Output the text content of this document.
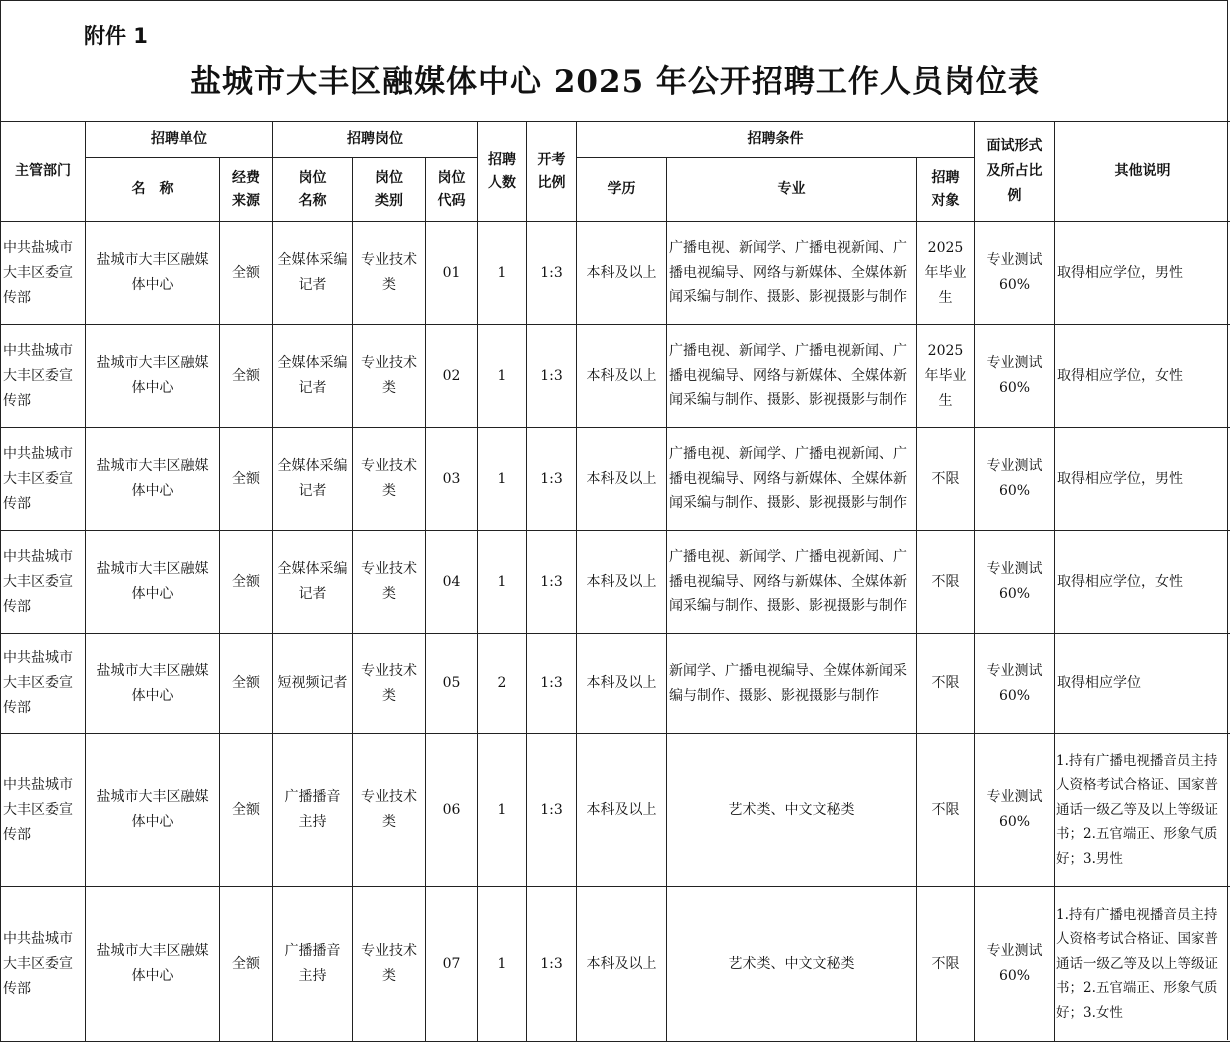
附件 1
盐城市大丰区融媒体中心 2025 年公开招聘工作人员岗位表
主管部门	招聘单位		招聘岗位			招聘人数	开考比例	招聘条件			面试形式及所占比例	其他说明
	名　称	经费来源	岗位名称	岗位类别	岗位代码			学历	专业	招聘对象		

中共盐城市大丰区委宣传部	盐城市大丰区融媒体中心	全额	全媒体采编记者	专业技术类	01	1	1:3	本科及以上	广播电视、新闻学、广播电视新闻、广播电视编导、网络与新媒体、全媒体新闻采编与制作、摄影、影视摄影与制作	2025 年毕业生	专业测试 60%	取得相应学位，男性
中共盐城市大丰区委宣传部	盐城市大丰区融媒体中心	全额	全媒体采编记者	专业技术类	02	1	1:3	本科及以上	广播电视、新闻学、广播电视新闻、广播电视编导、网络与新媒体、全媒体新闻采编与制作、摄影、影视摄影与制作	2025 年毕业生	专业测试 60%	取得相应学位，女性
中共盐城市大丰区委宣传部	盐城市大丰区融媒体中心	全额	全媒体采编记者	专业技术类	03	1	1:3	本科及以上	广播电视、新闻学、广播电视新闻、广播电视编导、网络与新媒体、全媒体新闻采编与制作、摄影、影视摄影与制作	不限	专业测试 60%	取得相应学位，男性
中共盐城市大丰区委宣传部	盐城市大丰区融媒体中心	全额	全媒体采编记者	专业技术类	04	1	1:3	本科及以上	广播电视、新闻学、广播电视新闻、广播电视编导、网络与新媒体、全媒体新闻采编与制作、摄影、影视摄影与制作	不限	专业测试 60%	取得相应学位，女性
中共盐城市大丰区委宣传部	盐城市大丰区融媒体中心	全额	短视频记者	专业技术类	05	2	1:3	本科及以上	新闻学、广播电视编导、全媒体新闻采编与制作、摄影、影视摄影与制作	不限	专业测试 60%	取得相应学位
中共盐城市大丰区委宣传部	盐城市大丰区融媒体中心	全额	广播播音主持	专业技术类	06	1	1:3	本科及以上	艺术类、中文文秘类	不限	专业测试 60%	1.持有广播电视播音员主持人资格考试合格证、国家普通话一级乙等及以上等级证书；2.五官端正、形象气质好；3.男性
中共盐城市大丰区委宣传部	盐城市大丰区融媒体中心	全额	广播播音主持	专业技术类	07	1	1:3	本科及以上	艺术类、中文文秘类	不限	专业测试 60%	1.持有广播电视播音员主持人资格考试合格证、国家普通话一级乙等及以上等级证书；2.五官端正、形象气质好；3.女性
